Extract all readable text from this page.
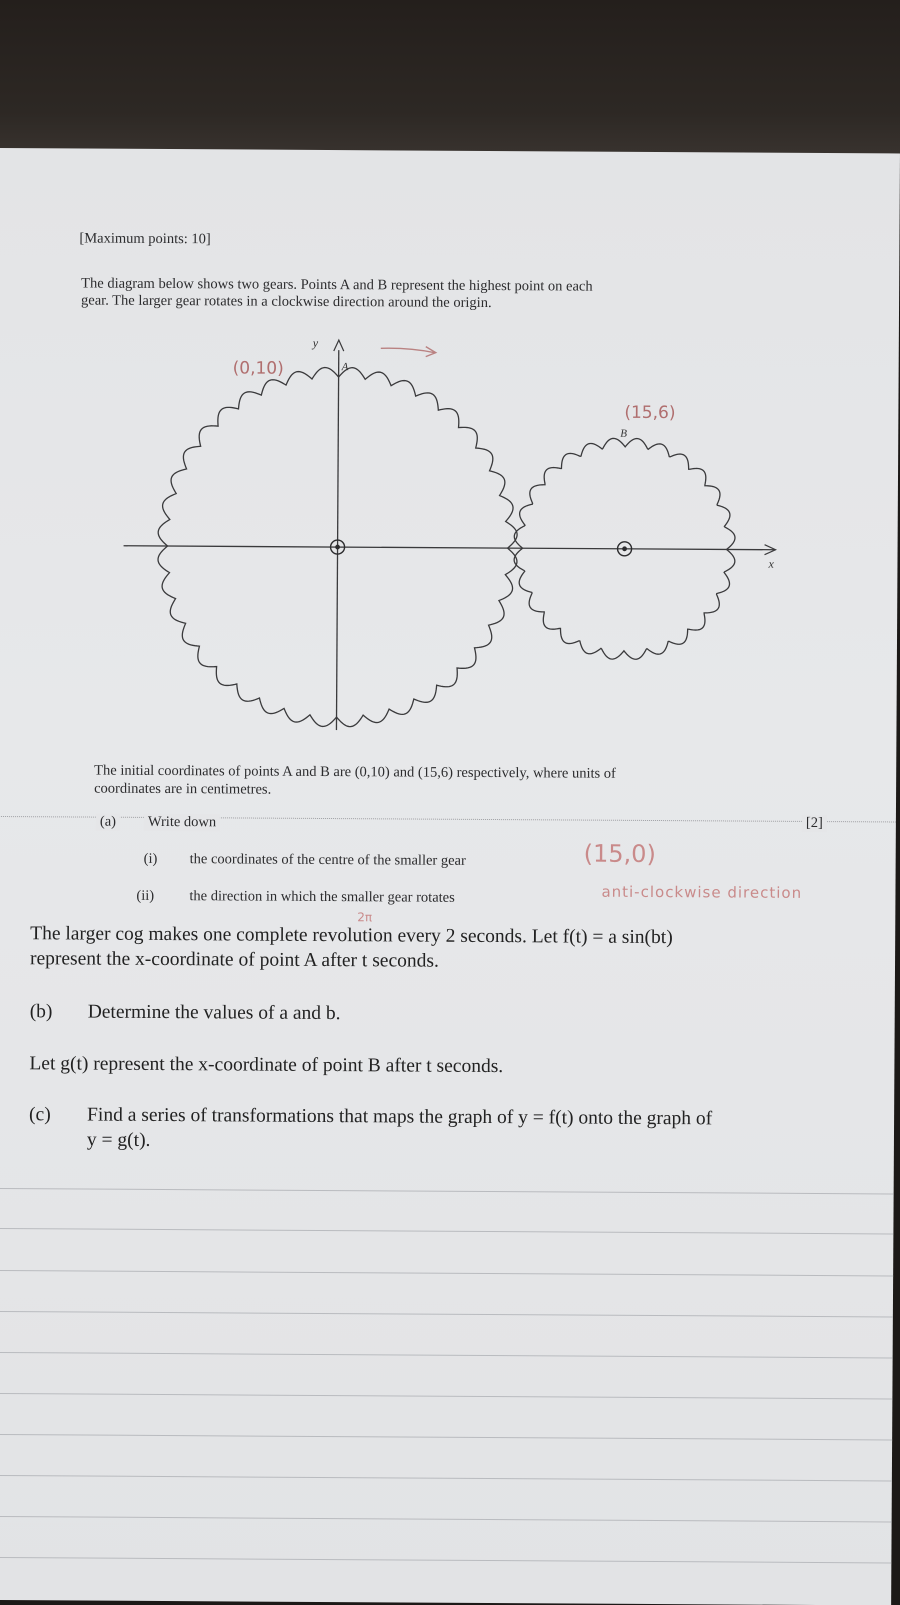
[Maximum points: 10]
The diagram below shows two gears. Points A and B represent the highest point on each
gear. The larger gear rotates in a clockwise direction around the origin.
y
x
A
B
(0,10)
(15,6)
The initial coordinates of points A and B are (0,10) and (15,6) respectively, where units of
coordinates are in centimetres.
(a) Write down	[2]
(i) the coordinates of the centre of the smaller gear	(15,0)
(ii) the direction in which the smaller gear rotates	anti-clockwise direction
2π
The larger cog makes one complete revolution every 2 seconds. Let f(t) = a sin(bt)
represent the x-coordinate of point A after t seconds.
(b) Determine the values of a and b.
Let g(t) represent the x-coordinate of point B after t seconds.
(c) Find a series of transformations that maps the graph of y = f(t) onto the graph of
y = g(t).
